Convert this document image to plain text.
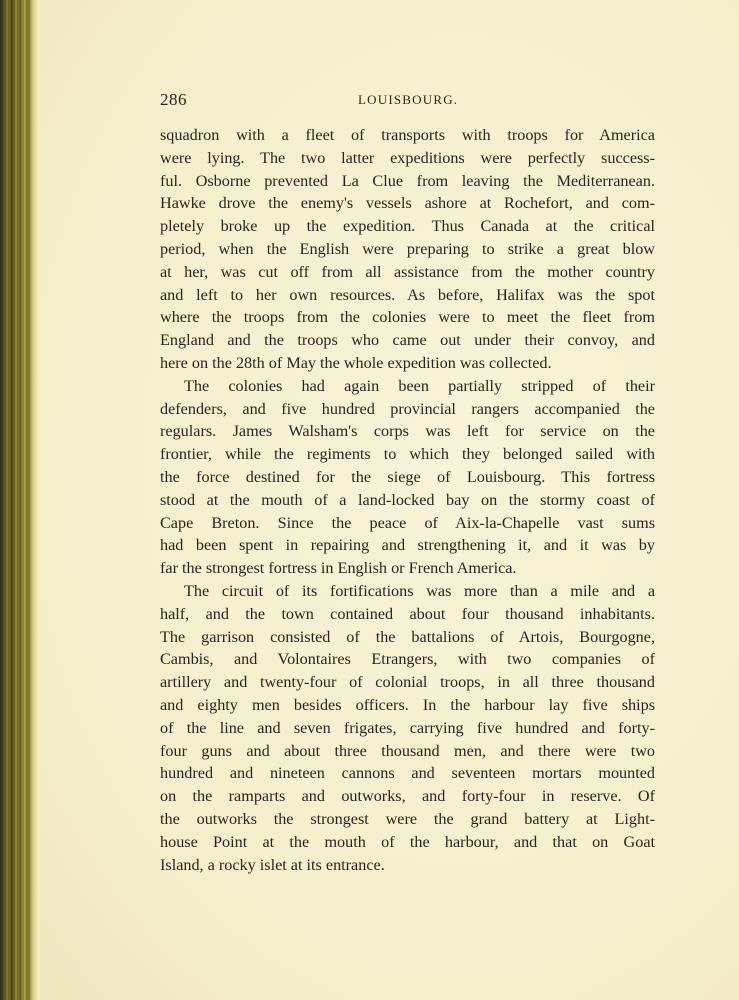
286	LOUISBOURG.
squadron with a fleet of transports with troops for America
were lying. The two latter expeditions were perfectly success-
ful. Osborne prevented La Clue from leaving the Mediterranean.
Hawke drove the enemy's vessels ashore at Rochefort, and com-
pletely broke up the expedition. Thus Canada at the critical
period, when the English were preparing to strike a great blow
at her, was cut off from all assistance from the mother country
and left to her own resources. As before, Halifax was the spot
where the troops from the colonies were to meet the fleet from
England and the troops who came out under their convoy, and
here on the 28th of May the whole expedition was collected.
The colonies had again been partially stripped of their
defenders, and five hundred provincial rangers accompanied the
regulars. James Walsham's corps was left for service on the
frontier, while the regiments to which they belonged sailed with
the force destined for the siege of Louisbourg. This fortress
stood at the mouth of a land-locked bay on the stormy coast of
Cape Breton. Since the peace of Aix-la-Chapelle vast sums
had been spent in repairing and strengthening it, and it was by
far the strongest fortress in English or French America.
The circuit of its fortifications was more than a mile and a
half, and the town contained about four thousand inhabitants.
The garrison consisted of the battalions of Artois, Bourgogne,
Cambis, and Volontaires Etrangers, with two companies of
artillery and twenty-four of colonial troops, in all three thousand
and eighty men besides officers. In the harbour lay five ships
of the line and seven frigates, carrying five hundred and forty-
four guns and about three thousand men, and there were two
hundred and nineteen cannons and seventeen mortars mounted
on the ramparts and outworks, and forty-four in reserve. Of
the outworks the strongest were the grand battery at Light-
house Point at the mouth of the harbour, and that on Goat
Island, a rocky islet at its entrance.
